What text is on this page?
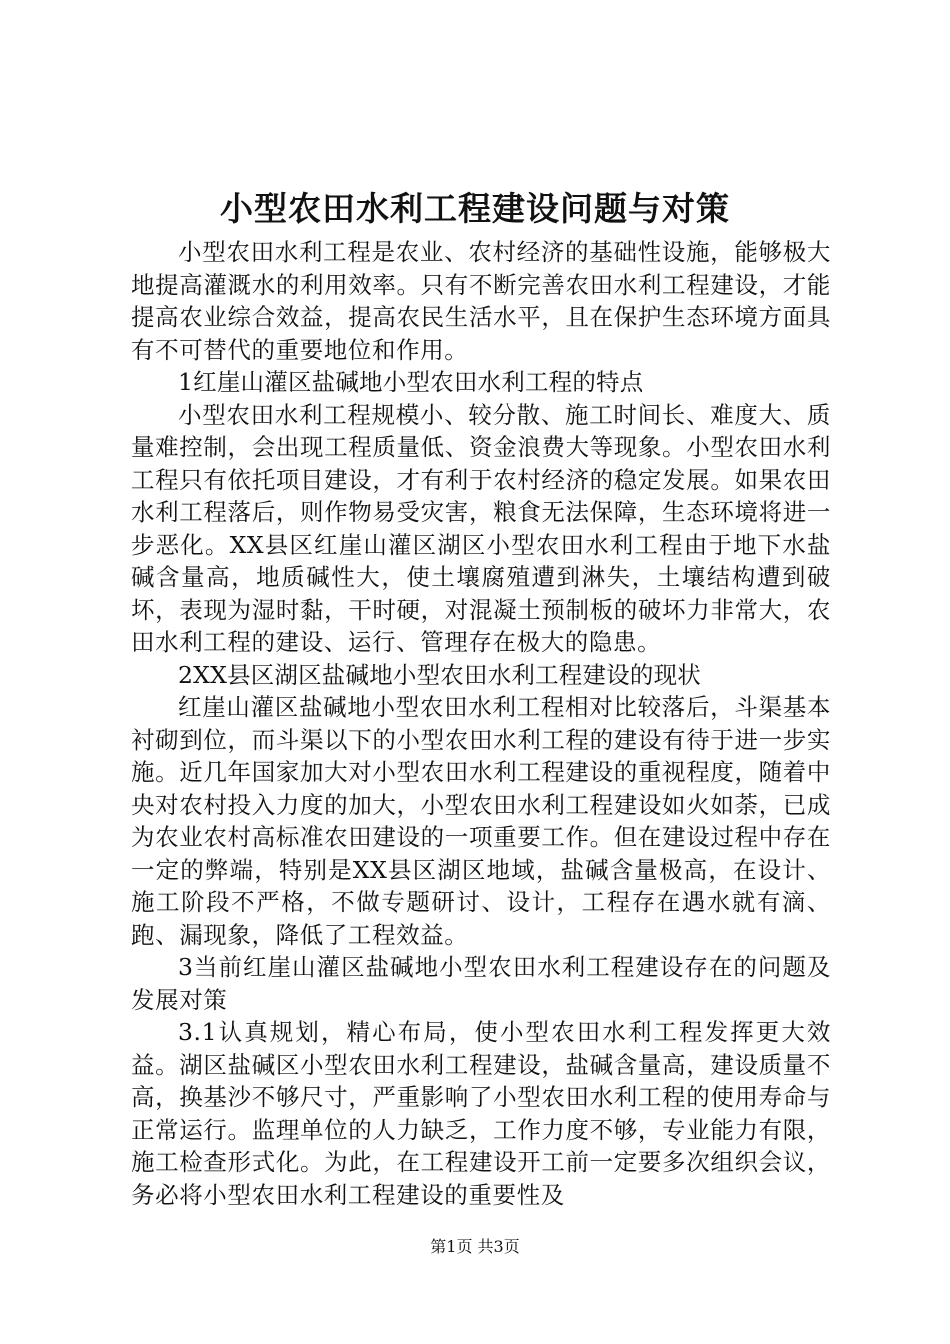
小型农田水利工程建设问题与对策

小型农田水利工程是农业、农村经济的基础性设施，能够极大地提高灌溉水的利用效率。只有不断完善农田水利工程建设，才能提高农业综合效益，提高农民生活水平，且在保护生态环境方面具有不可替代的重要地位和作用。

1红崖山灌区盐碱地小型农田水利工程的特点

小型农田水利工程规模小、较分散、施工时间长、难度大、质量难控制，会出现工程质量低、资金浪费大等现象。小型农田水利工程只有依托项目建设，才有利于农村经济的稳定发展。如果农田水利工程落后，则作物易受灾害，粮食无法保障，生态环境将进一步恶化。XX县区红崖山灌区湖区小型农田水利工程由于地下水盐碱含量高，地质碱性大，使土壤腐殖遭到淋失，土壤结构遭到破坏，表现为湿时黏，干时硬，对混凝土预制板的破坏力非常大，农田水利工程的建设、运行、管理存在极大的隐患。

2XX县区湖区盐碱地小型农田水利工程建设的现状

红崖山灌区盐碱地小型农田水利工程相对比较落后，斗渠基本衬砌到位，而斗渠以下的小型农田水利工程的建设有待于进一步实施。近几年国家加大对小型农田水利工程建设的重视程度，随着中央对农村投入力度的加大，小型农田水利工程建设如火如荼，已成为农业农村高标准农田建设的一项重要工作。但在建设过程中存在一定的弊端，特别是XX县区湖区地域，盐碱含量极高，在设计、施工阶段不严格，不做专题研讨、设计，工程存在遇水就有滴、跑、漏现象，降低了工程效益。

3当前红崖山灌区盐碱地小型农田水利工程建设存在的问题及发展对策

3.1认真规划，精心布局，使小型农田水利工程发挥更大效益。湖区盐碱区小型农田水利工程建设，盐碱含量高，建设质量不高，换基沙不够尺寸，严重影响了小型农田水利工程的使用寿命与正常运行。监理单位的人力缺乏，工作力度不够，专业能力有限，施工检查形式化。为此，在工程建设开工前一定要多次组织会议，务必将小型农田水利工程建设的重要性及

第1页 共3页
